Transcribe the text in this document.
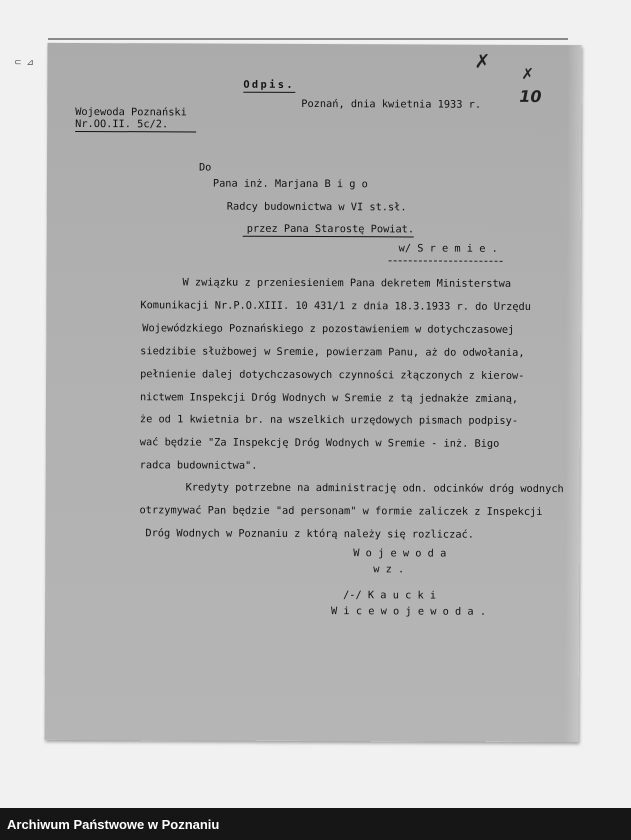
⊂ ⊿
Odpis.
✗
10
✗
Wojewoda Poznański
Nr.OO.II. 5c/2.
Poznań, dnia kwietnia 1933 r.
Do
Pana inż. Marjana B i g o
Radcy budownictwa w VI st.sł.
przez Pana Starostę Powiat.
w/ S r e m i e .
W związku z przeniesieniem Pana dekretem Ministerstwa
Komunikacji Nr.P.O.XIII. 10 431/1 z dnia 18.3.1933 r. do Urzędu
Wojewódzkiego Poznańskiego z pozostawieniem w dotychczasowej
siedzibie służbowej w Sremie, powierzam Panu, aż do odwołania,
pełnienie dalej dotychczasowych czynności złączonych z kierow-
nictwem Inspekcji Dróg Wodnych w Sremie z tą jednakże zmianą,
że od 1 kwietnia br. na wszelkich urzędowych pismach podpisy-
wać będzie "Za Inspekcję Dróg Wodnych w Sremie - inż. Bigo
radca budownictwa".
Kredyty potrzebne na administrację odn. odcinków dróg wodnych
otrzymywać Pan będzie "ad personam" w formie zaliczek z Inspekcji
Dróg Wodnych w Poznaniu z którą należy się rozliczać.
W o j e w o d a
w z .
/-/ K a u c k i
W i c e w o j e w o d a .
Archiwum Państwowe w Poznaniu
